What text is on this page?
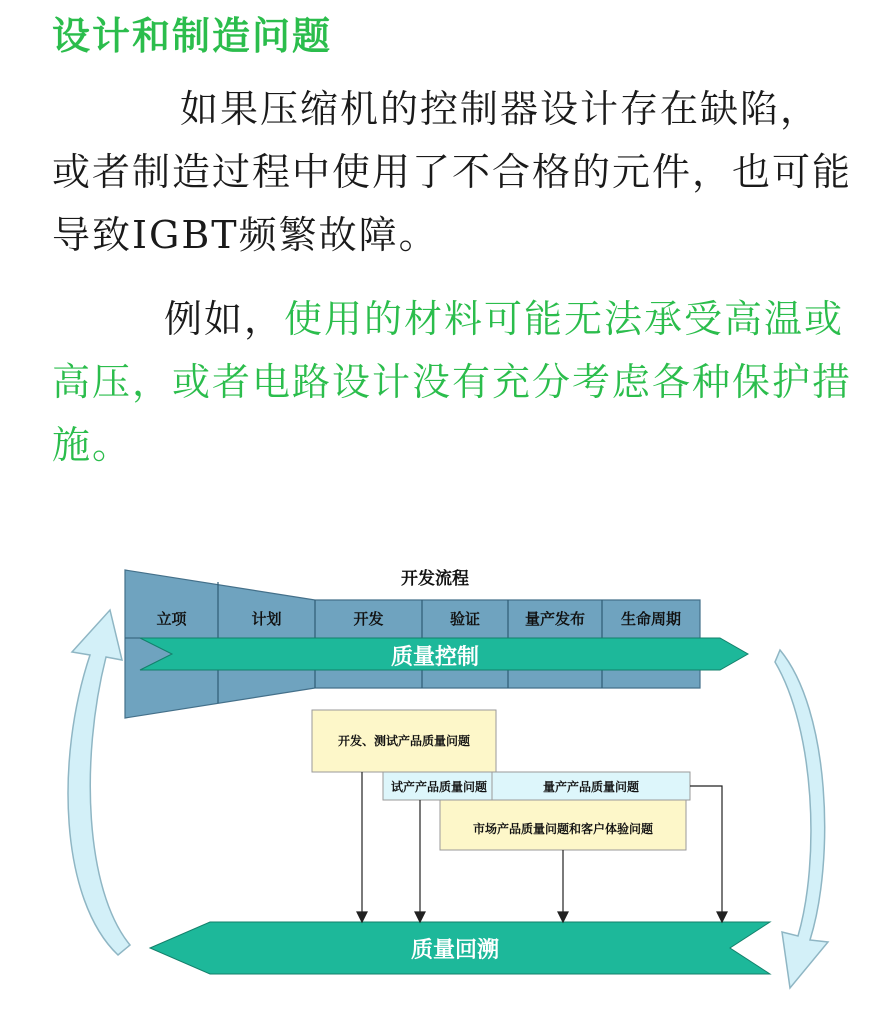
设计和制造问题

如果压缩机的控制器设计存在缺陷，或者制造过程中使用了不合格的元件，也可能导致IGBT频繁故障。

例如，使用的材料可能无法承受高温或高压，或者电路设计没有充分考虑各种保护措施。

开发流程
立项	计划	开发	验证	量产发布	生命周期
质量控制
质量回溯
开发、测试产品质量问题
试产产品质量问题	量产产品质量问题
市场产品质量问题和客户体验问题
